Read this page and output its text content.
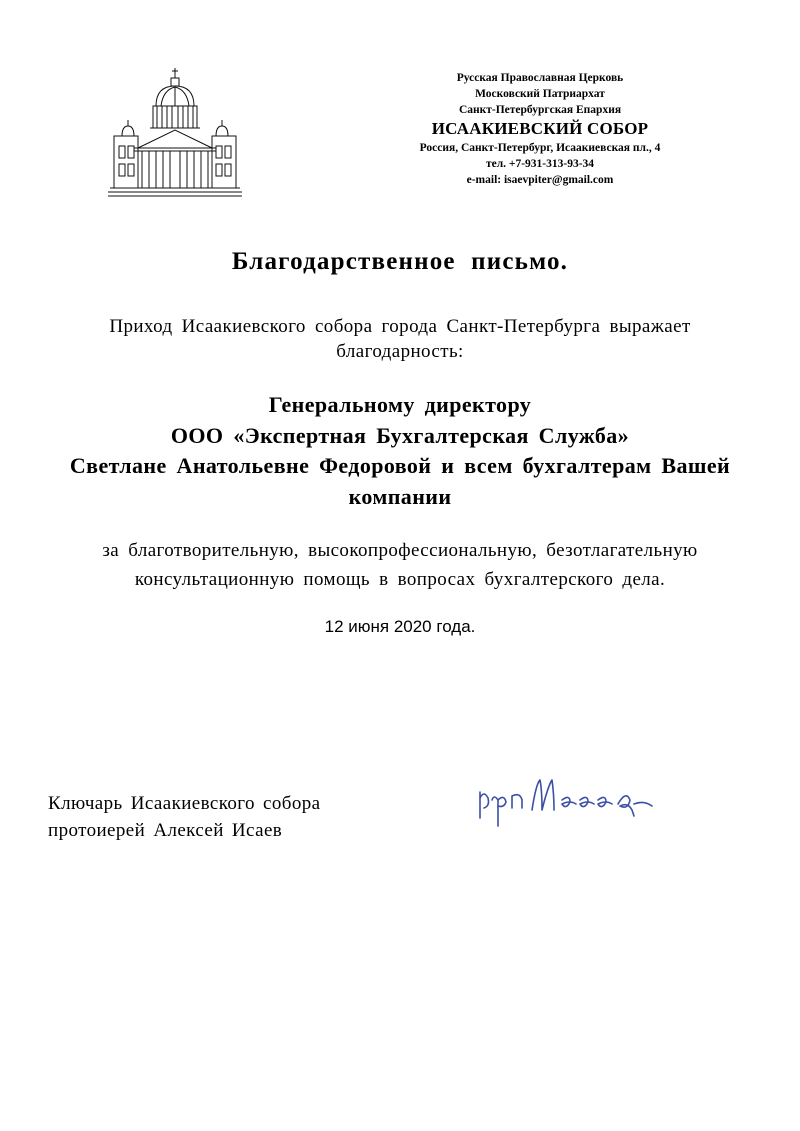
Русская Православная Церковь
Московский Патриархат
Санкт-Петербургская Епархия
ИСААКИЕВСКИЙ СОБОР
Россия, Санкт-Петербург, Исаакиевская пл., 4
тел. +7-931-313-93-34
e-mail: isaevpiter@gmail.com
Благодарственное письмо.
Приход Исаакиевского собора города Санкт-Петербурга выражает
благодарность:
Генеральному директору
ООО «Экспертная Бухгалтерская Служба»
Светлане Анатольевне Федоровой и всем бухгалтерам Вашей
компании
за благотворительную, высокопрофессиональную, безотлагательную
консультационную помощь в вопросах бухгалтерского дела.
12 июня 2020 года.
Ключарь Исаакиевского собора
протоиерей Алексей Исаев
